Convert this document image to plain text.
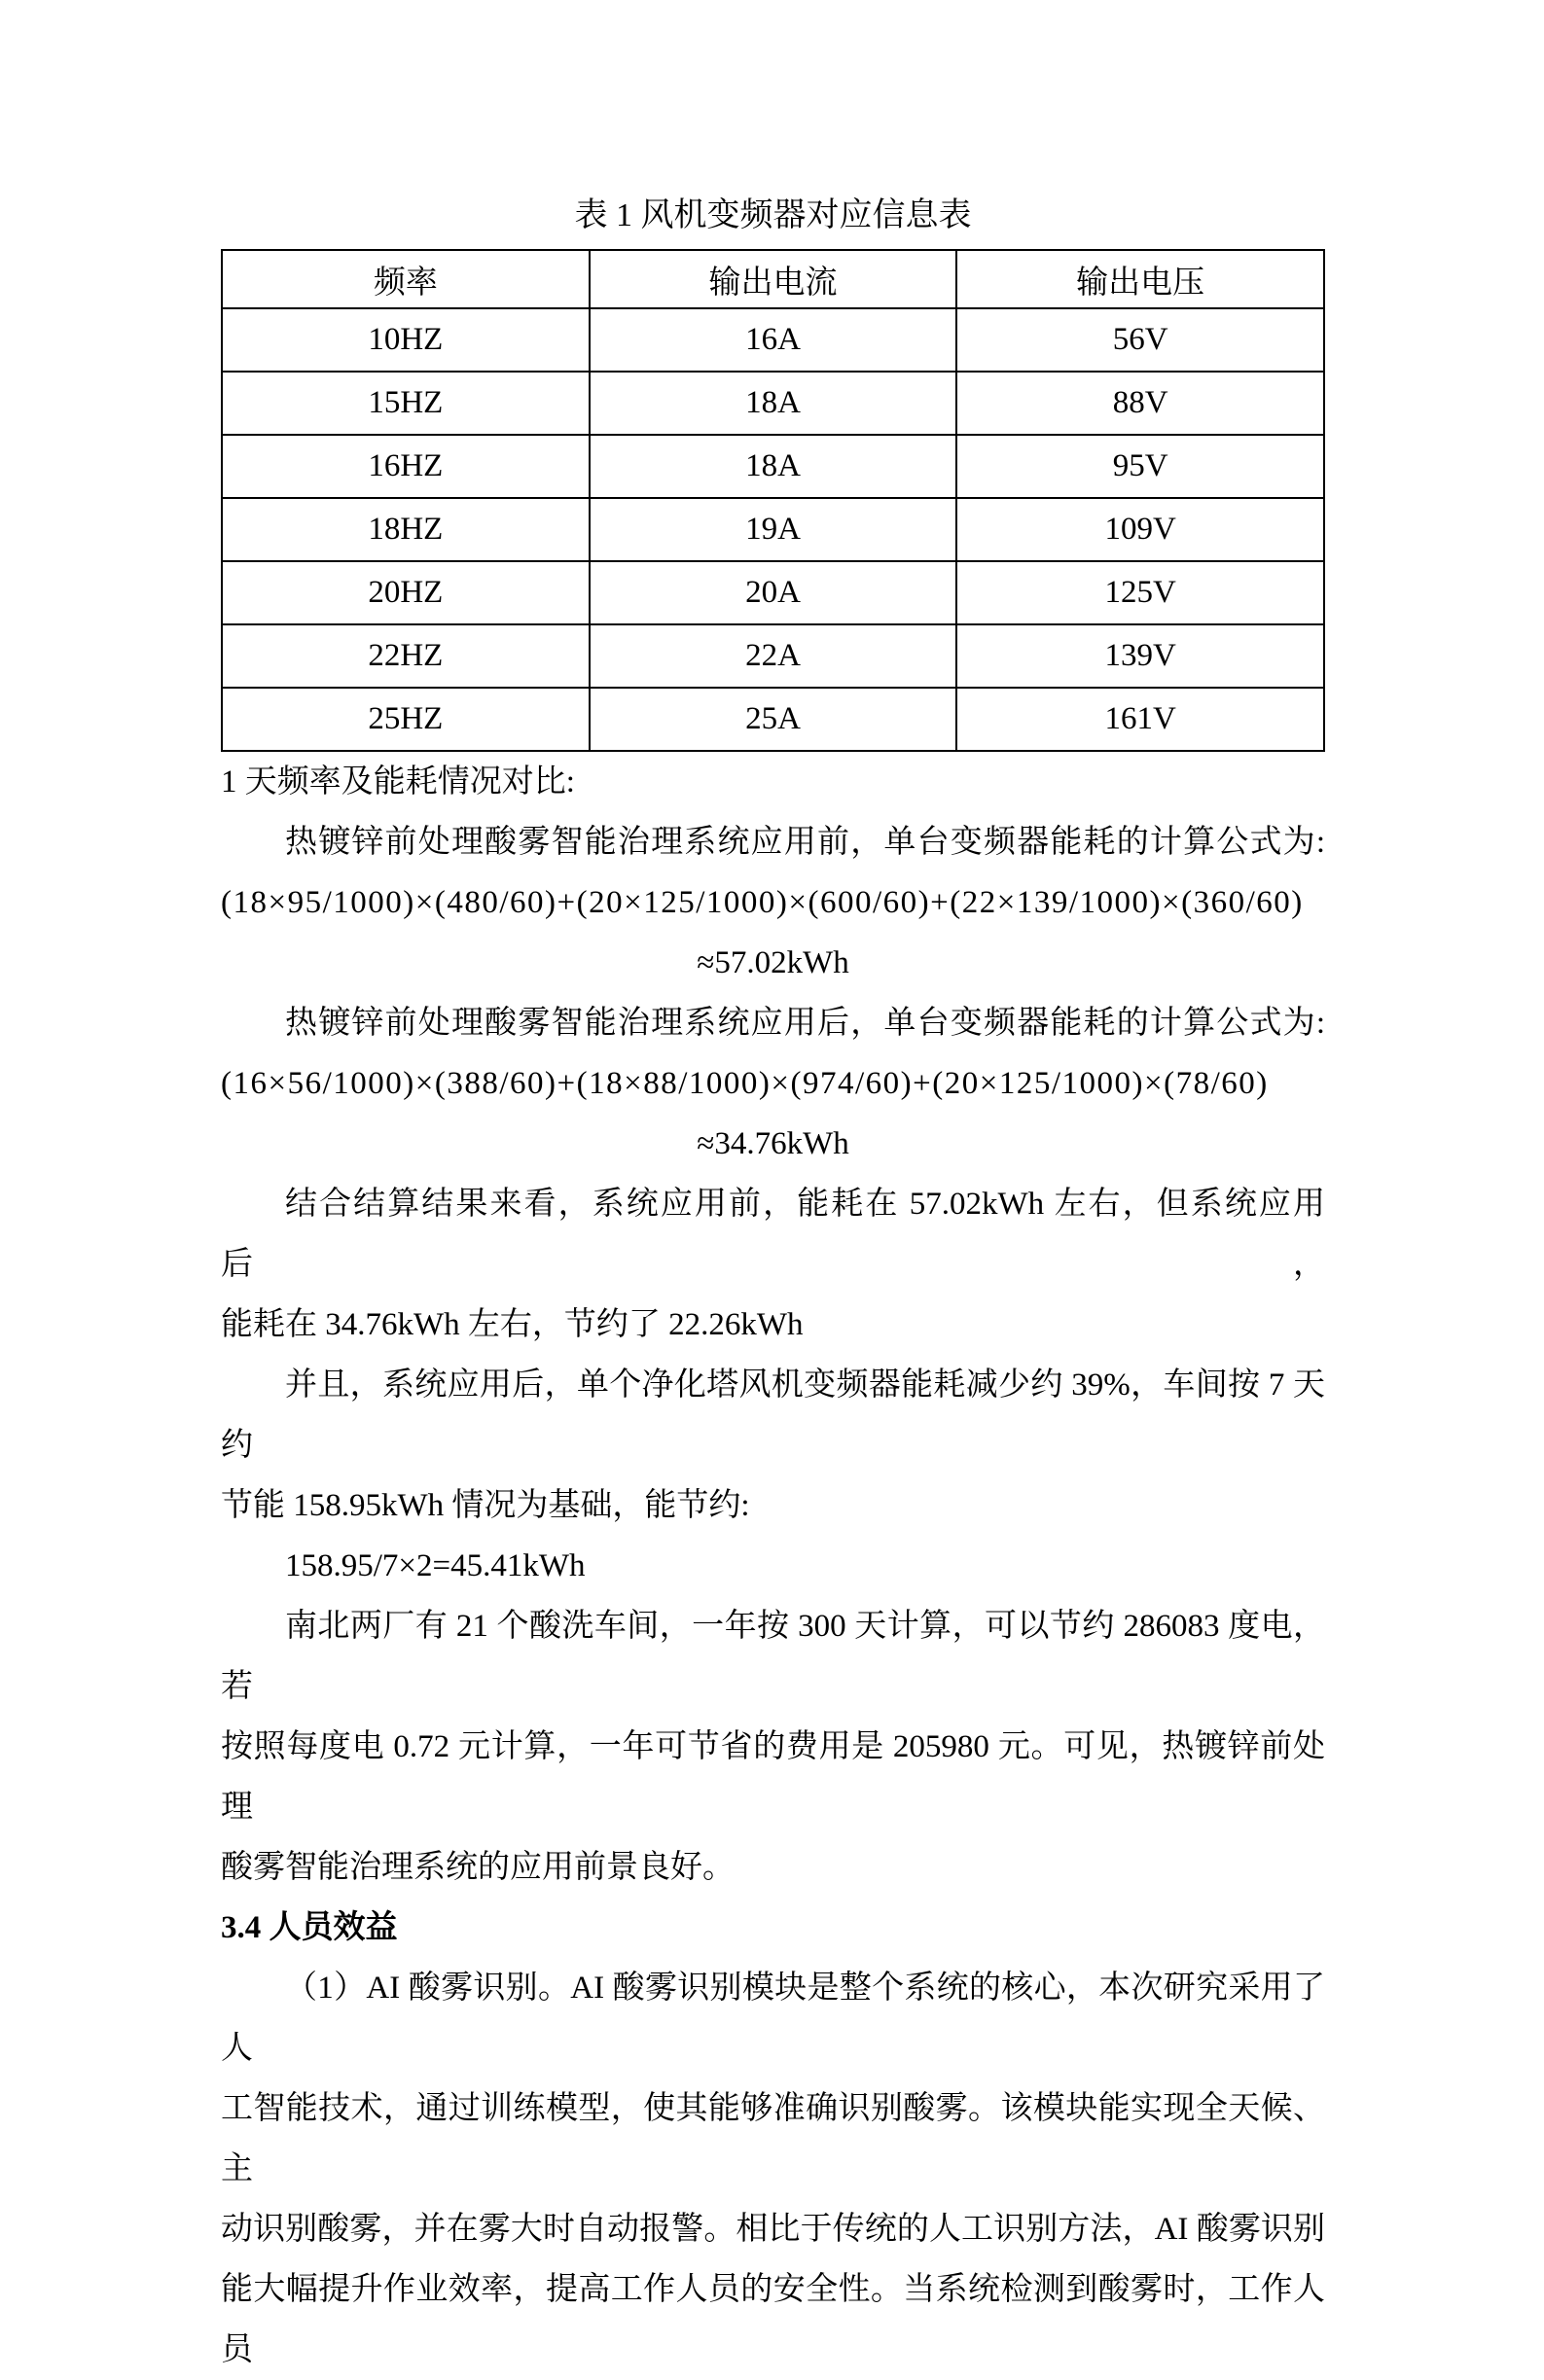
表 1 风机变频器对应信息表
频率	输出电流	输出电压
10HZ	16A	56V
15HZ	18A	88V
16HZ	18A	95V
18HZ	19A	109V
20HZ	20A	125V
22HZ	22A	139V
25HZ	25A	161V
1 天频率及能耗情况对比:
热镀锌前处理酸雾智能治理系统应用前，单台变频器能耗的计算公式为:
(18×95/1000)×(480/60)+(20×125/1000)×(600/60)+(22×139/1000)×(360/60)
≈57.02kWh
热镀锌前处理酸雾智能治理系统应用后，单台变频器能耗的计算公式为:
(16×56/1000)×(388/60)+(18×88/1000)×(974/60)+(20×125/1000)×(78/60)
≈34.76kWh
结合结算结果来看，系统应用前，能耗在 57.02kWh 左右，但系统应用后，
能耗在 34.76kWh 左右，节约了 22.26kWh
并且，系统应用后，单个净化塔风机变频器能耗减少约 39%，车间按 7 天约
节能 158.95kWh 情况为基础，能节约:
158.95/7×2=45.41kWh
南北两厂有 21 个酸洗车间，一年按 300 天计算，可以节约 286083 度电，若
按照每度电 0.72 元计算，一年可节省的费用是 205980 元。可见，热镀锌前处理
酸雾智能治理系统的应用前景良好。
3.4 人员效益
（1）AI 酸雾识别。AI 酸雾识别模块是整个系统的核心，本次研究采用了人
工智能技术，通过训练模型，使其能够准确识别酸雾。该模块能实现全天候、主
动识别酸雾，并在雾大时自动报警。相比于传统的人工识别方法，AI 酸雾识别
能大幅提升作业效率，提高工作人员的安全性。当系统检测到酸雾时，工作人员
